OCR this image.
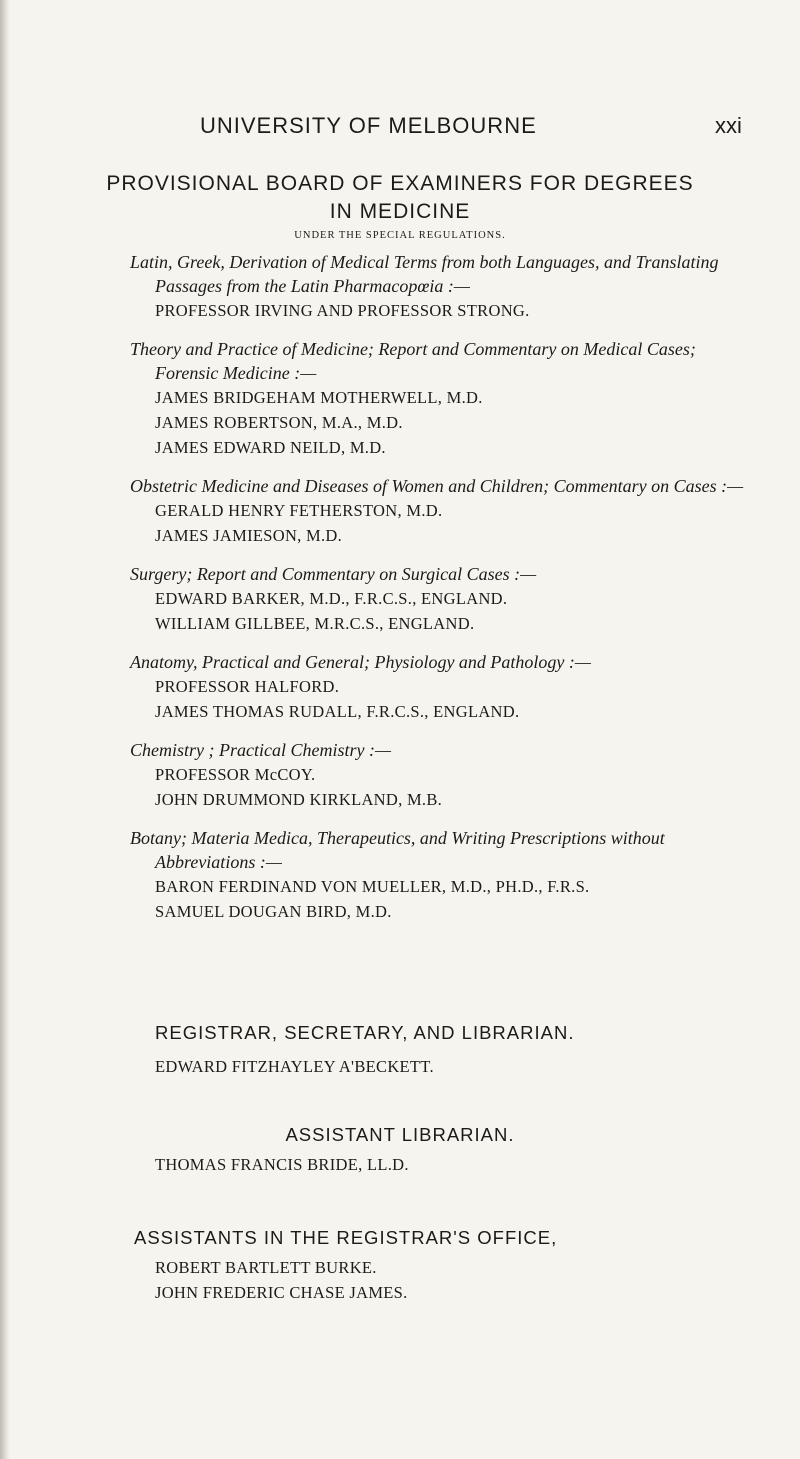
UNIVERSITY OF MELBOURNE	xxi
PROVISIONAL BOARD OF EXAMINERS FOR DEGREES
IN MEDICINE
UNDER THE SPECIAL REGULATIONS.
Latin, Greek, Derivation of Medical Terms from both Languages, and Translating Passages from the Latin Pharmacopœia :—
PROFESSOR IRVING AND PROFESSOR STRONG.
Theory and Practice of Medicine; Report and Commentary on Medical Cases; Forensic Medicine :—
JAMES BRIDGEHAM MOTHERWELL, M.D.
JAMES ROBERTSON, M.A., M.D.
JAMES EDWARD NEILD, M.D.
Obstetric Medicine and Diseases of Women and Children; Commentary on Cases :—
GERALD HENRY FETHERSTON, M.D.
JAMES JAMIESON, M.D.
Surgery; Report and Commentary on Surgical Cases :—
EDWARD BARKER, M.D., F.R.C.S., ENGLAND.
WILLIAM GILLBEE, M.R.C.S., ENGLAND.
Anatomy, Practical and General; Physiology and Pathology :—
PROFESSOR HALFORD.
JAMES THOMAS RUDALL, F.R.C.S., ENGLAND.
Chemistry ; Practical Chemistry :—
PROFESSOR McCOY.
JOHN DRUMMOND KIRKLAND, M.B.
Botany; Materia Medica, Therapeutics, and Writing Prescriptions without Abbreviations :—
BARON FERDINAND VON MUELLER, M.D., PH.D., F.R.S.
SAMUEL DOUGAN BIRD, M.D.
REGISTRAR, SECRETARY, AND LIBRARIAN.
EDWARD FITZHAYLEY A'BECKETT.
ASSISTANT LIBRARIAN.
THOMAS FRANCIS BRIDE, LL.D.
ASSISTANTS IN THE REGISTRAR'S OFFICE,
ROBERT BARTLETT BURKE.
JOHN FREDERIC CHASE JAMES.
